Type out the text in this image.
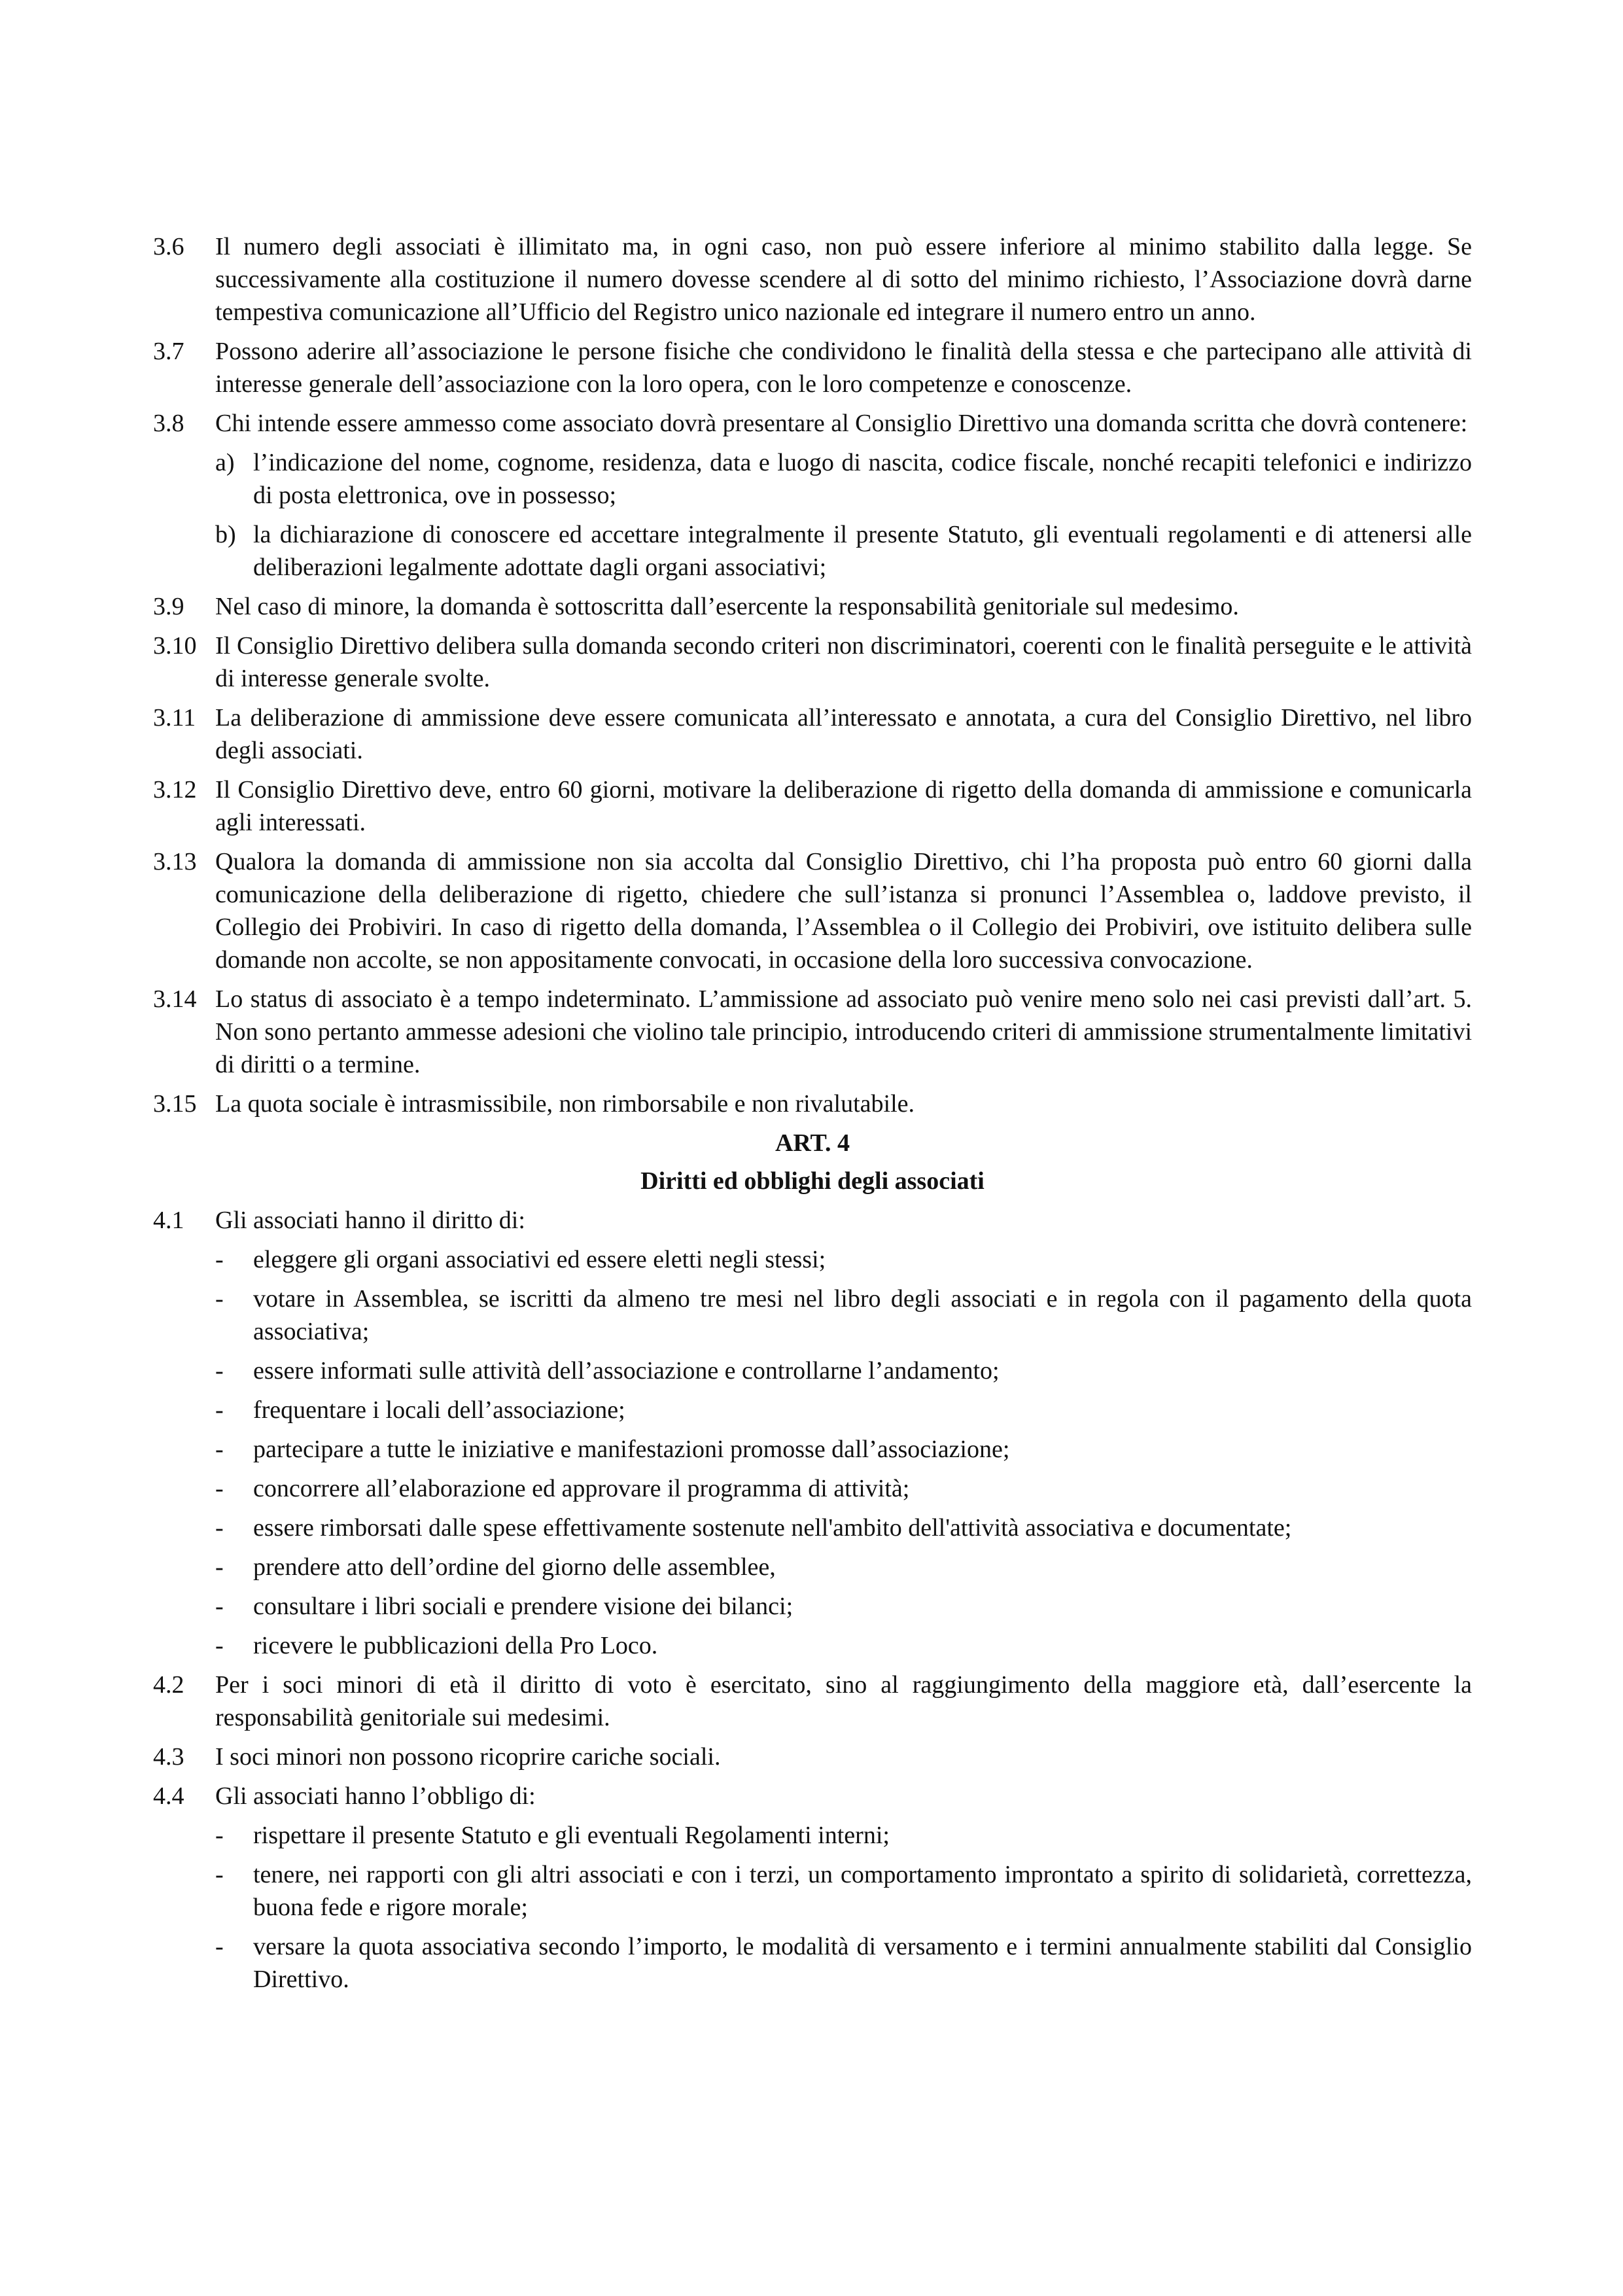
3.6	Il numero degli associati è illimitato ma, in ogni caso, non può essere inferiore al minimo stabilito dalla legge. Se successivamente alla costituzione il numero dovesse scendere al di sotto del minimo richiesto, l’Associazione dovrà darne tempestiva comunicazione all’Ufficio del Registro unico nazionale ed integrare il numero entro un anno.
3.7	Possono aderire all’associazione le persone fisiche che condividono le finalità della stessa e che partecipano alle attività di interesse generale dell’associazione con la loro opera, con le loro competenze e conoscenze.
3.8	Chi intende essere ammesso come associato dovrà presentare al Consiglio Direttivo una domanda scritta che dovrà contenere:
a) l’indicazione del nome, cognome, residenza, data e luogo di nascita, codice fiscale, nonché recapiti telefonici e indirizzo di posta elettronica, ove in possesso;
b) la dichiarazione di conoscere ed accettare integralmente il presente Statuto, gli eventuali regolamenti e di attenersi alle deliberazioni legalmente adottate dagli organi associativi;
3.9	Nel caso di minore, la domanda è sottoscritta dall’esercente la responsabilità genitoriale sul medesimo.
3.10 Il Consiglio Direttivo delibera sulla domanda secondo criteri non discriminatori, coerenti con le finalità perseguite e le attività di interesse generale svolte.
3.11 La deliberazione di ammissione deve essere comunicata all’interessato e annotata, a cura del Consiglio Direttivo, nel libro degli associati.
3.12 Il Consiglio Direttivo deve, entro 60 giorni, motivare la deliberazione di rigetto della domanda di ammissione e comunicarla agli interessati.
3.13 Qualora la domanda di ammissione non sia accolta dal Consiglio Direttivo, chi l’ha proposta può entro 60 giorni dalla comunicazione della deliberazione di rigetto, chiedere che sull’istanza si pronunci l’Assemblea o, laddove previsto, il Collegio dei Probiviri. In caso di rigetto della domanda, l’Assemblea o il Collegio dei Probiviri, ove istituito delibera sulle domande non accolte, se non appositamente convocati, in occasione della loro successiva convocazione.
3.14 Lo status di associato è a tempo indeterminato. L’ammissione ad associato può venire meno solo nei casi previsti dall’art. 5. Non sono pertanto ammesse adesioni che violino tale principio, introducendo criteri di ammissione strumentalmente limitativi di diritti o a termine.
3.15 La quota sociale è intrasmissibile, non rimborsabile e non rivalutabile.
ART. 4
Diritti ed obblighi degli associati
4.1	Gli associati hanno il diritto di:
-	eleggere gli organi associativi ed essere eletti negli stessi;
-	votare in Assemblea, se iscritti da almeno tre mesi nel libro degli associati e in regola con il pagamento della quota associativa;
-	essere informati sulle attività dell’associazione e controllarne l’andamento;
-	frequentare i locali dell’associazione;
-	partecipare a tutte le iniziative e manifestazioni promosse dall’associazione;
-	concorrere all’elaborazione ed approvare il programma di attività;
-	essere rimborsati dalle spese effettivamente sostenute nell'ambito dell'attività associativa e documentate;
-	prendere atto dell’ordine del giorno delle assemblee,
-	consultare i libri sociali e prendere visione dei bilanci;
-	ricevere le pubblicazioni della Pro Loco.
4.2	Per i soci minori di età il diritto di voto è esercitato, sino al raggiungimento della maggiore età, dall’esercente la responsabilità genitoriale sui medesimi.
4.3	I soci minori non possono ricoprire cariche sociali.
4.4	Gli associati hanno l’obbligo di:
-	rispettare il presente Statuto e gli eventuali Regolamenti interni;
-	tenere, nei rapporti con gli altri associati e con i terzi, un comportamento improntato a spirito di solidarietà, correttezza, buona fede e rigore morale;
-	versare la quota associativa secondo l’importo, le modalità di versamento e i termini annualmente stabiliti dal Consiglio Direttivo.
